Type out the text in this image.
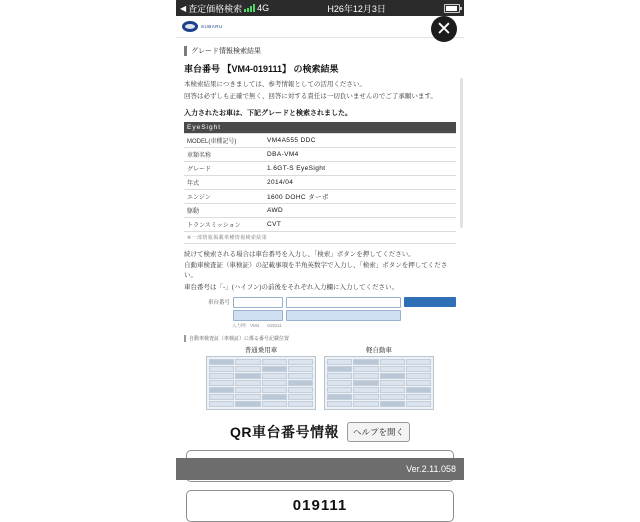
◀ 査定価格検索 4G	H26年12月3日
SUBARU	✕
グレード情報検索結果
車台番号 【VM4-019111】 の検索結果
本検索結果につきましては、参考情報としての活用ください。
回答は必ずしも正確で無く、回答に対する責任は一切負いませんのでご了承願います。
入力されたお車は、下記グレードと検索されました。
EyeSight	
MODEL(車種記号)	VM4A555 DDC
車類名称	DBA-VM4
グレード	1.6GT-S EyeSight
年式	2014/04
エンジン	1600 DOHC ターボ
駆動	AWD
トランスミッション	CVT
※一部情報掲載車種情報検索結果	
続けて検索される場合は車台番号を入力し、「検索」ボタンを押してください。
自動車検査証（車検証）の記載事項を半角英数字で入力し、「検索」ボタンを押してください。
車台番号は「-」(ハイフン)の前後をそれぞれ入力欄に入力してください。
車台番号
入力例：VM4 019111
自動車検査証（車検証）に係る番号記載位置
普通乗用車	軽自動車
QR車台番号情報	ヘルプを開く
019111
Ver.2.11.058
